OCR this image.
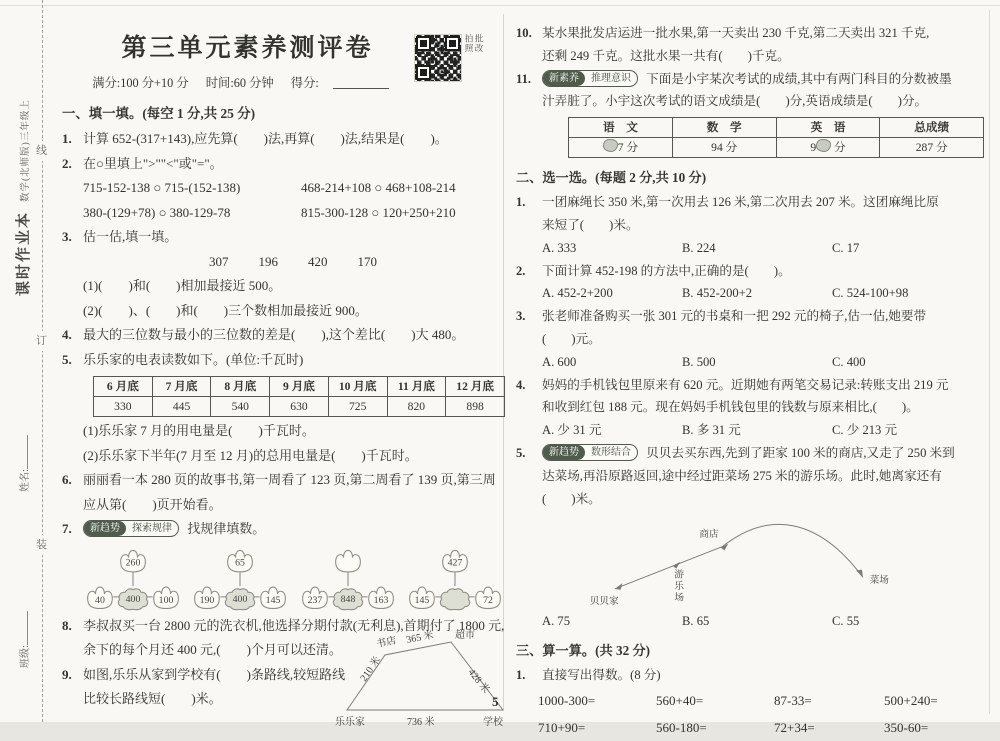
线
订
装
课时作业本数学(北师版)三年级上
姓名:
班级:
第三单元素养测评卷	拍照批改
满分:100 分+10 分 时间:60 分钟 得分:
一、填一填。(每空 1 分,共 25 分)
1. 计算 652-(317+143),应先算(　　)法,再算(　　)法,结果是(　　)。
2. 在○里填上">""<"或"="。
715-152-138 ○ 715-(152-138)	468-214+108 ○ 468+108-214
380-(129+78) ○ 380-129-78	815-300-128 ○ 120+250+210
3. 估一估,填一填。
307 196 420 170
(1)(　　)和(　　)相加最接近 500。
(2)(　　)、(　　)和(　　)三个数相加最接近 900。
4. 最大的三位数与最小的三位数的差是(　　),这个差比(　　)大 480。
5. 乐乐家的电表读数如下。(单位:千瓦时)
6 月底	7 月底	8 月底	9 月底	10 月底	11 月底	12 月底
330	445	540	630	725	820	898
(1)乐乐家 7 月的用电量是(　　)千瓦时。
(2)乐乐家下半年(7 月至 12 月)的总用电量是(　　)千瓦时。
6. 丽丽看一本 280 页的故事书,第一周看了 123 页,第二周看了 139 页,第三周
应从第(　　)页开始看。
7.	新趋势	探索规律	找规律填数。
260
40 400 100
65
190 400 145 237 848 163
427
145	72
8. 李叔叔买一台 2800 元的洗衣机,他选择分期付款(无利息),首期付了 1800 元,
余下的每个月还 400 元,(　　)个月可以还清。
9. 如图,乐乐从家到学校有(　　)条路线,较短路线
比较长路线短(　　)米。
210 米
书店 365 米 超市
428 米
乐乐家	736 米	学校
10. 某水果批发店运进一批水果,第一天卖出 230 千克,第二天卖出 321 千克,
还剩 249 千克。这批水果一共有(　　)千克。
11.	新素养	推理意识	下面是小宇某次考试的成绩,其中有两门科目的分数被墨
汁弄脏了。小宇这次考试的语文成绩是(　　)分,英语成绩是(　　)分。
语　文	数　学	英　语	总成绩
7 分	94 分	9 分	287 分
二、选一选。(每题 2 分,共 10 分)
1.	一团麻绳长 350 米,第一次用去 126 米,第二次用去 207 米。这团麻绳比原
来短了(　　)米。
A. 333	B. 224	C. 17
2.	下面计算 452-198 的方法中,正确的是(　　)。
A. 452-2+200	B. 452-200+2	C. 524-100+98
3.	张老师准备购买一张 301 元的书桌和一把 292 元的椅子,估一估,她要带
(　　)元。
A. 600	B. 500	C. 400
4.	妈妈的手机钱包里原来有 620 元。近期她有两笔交易记录:转账支出 219 元
和收到红包 188 元。现在妈妈手机钱包里的钱数与原来相比,(　　)。
A. 少 31 元	B. 多 31 元	C. 少 213 元
5.	新趋势	数形结合	贝贝去买东西,先到了距家 100 米的商店,又走了 250 米到
达菜场,再沿原路返回,途中经过距菜场 275 米的游乐场。此时,她离家还有
(　　)米。
商店
游
乐
场
贝贝家
菜场
A. 75	B. 65	C. 55
三、算一算。(共 32 分)
1.	直接写出得数。(8 分)
1000-300=	560+40=	87-33=	500+240=
710+90=	560-180=	72+34=	350-60=
5
